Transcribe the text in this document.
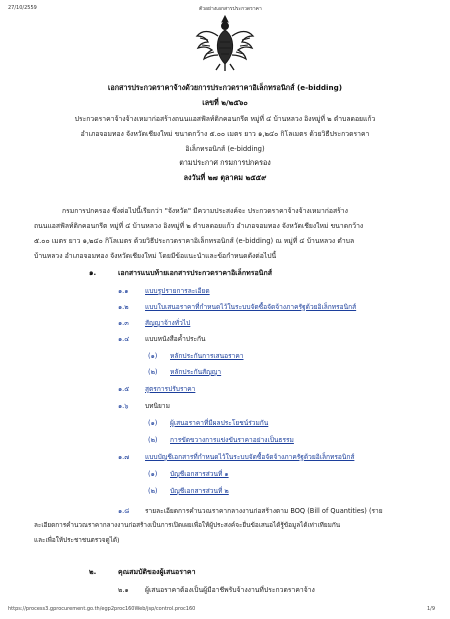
27/10/2559	ตัวอย่างเอกสารประกวดราคา
เอกสารประกวดราคาจ้างด้วยการประกวดราคาอิเล็กทรอนิกส์ (e-bidding)
เลขที่ ๒/๒๕๖๐
ประกวดราคาจ้างจ้างเหมาก่อสร้างถนนแอสฟัลท์ติกคอนกรีต หมู่ที่ ๔ บ้านหลวง อิงหมู่ที่ ๒ ตำบลดอยแก้ว
อำเภอจอมทอง จังหวัดเชียงใหม่ ขนาดกว้าง ๕.๐๐ เมตร ยาว ๑,๒๔๐ กิโลเมตร ด้วยวิธีประกวดราคา
อิเล็กทรอนิกส์ (e-bidding)
ตามประกาศ กรมการปกครอง
ลงวันที่ ๒๗ ตุลาคม ๒๕๕๙
กรมการปกครอง ซึ่งต่อไปนี้เรียกว่า "จังหวัด" มีความประสงค์จะ ประกวดราคาจ้างจ้างเหมาก่อสร้าง
ถนนแอสฟัลท์ติกคอนกรีต หมู่ที่ ๔ บ้านหลวง อิงหมู่ที่ ๒ ตำบลดอยแก้ว อำเภอจอมทอง จังหวัดเชียงใหม่ ขนาดกว้าง
๕.๐๐ เมตร ยาว ๑,๒๔๐ กิโลเมตร ด้วยวิธีประกวดราคาอิเล็กทรอนิกส์ (e-bidding) ณ หมู่ที่ ๔ บ้านหลวง ตำบล
บ้านหลวง อำเภอจอมทอง จังหวัดเชียงใหม่ โดยมีข้อแนะนำและข้อกำหนดดังต่อไปนี้
๑.	เอกสารแนบท้ายเอกสารประกวดราคาอิเล็กทรอนิกส์
๑.๑	แบบรูปรายการละเอียด
๑.๒ แบบใบเสนอราคาที่กำหนดไว้ในระบบจัดซื้อจัดจ้างภาครัฐด้วยอิเล็กทรอนิกส์
๑.๓ สัญญาจ้างทั่วไป
๑.๔ แบบหนังสือค้ำประกัน
(๑) หลักประกันการเสนอราคา
(๒) หลักประกันสัญญา
๑.๕ สูตรการปรับราคา
๑.๖	บทนิยาม
(๑) ผู้เสนอราคาที่มีผลประโยชน์ร่วมกัน
(๒) การขัดขวางการแข่งขันราคาอย่างเป็นธรรม
๑.๗ แบบบัญชีเอกสารที่กำหนดไว้ในระบบจัดซื้อจัดจ้างภาครัฐด้วยอิเล็กทรอนิกส์
(๑) บัญชีเอกสารส่วนที่ ๑
(๒) บัญชีเอกสารส่วนที่ ๒
๑.๘ รายละเอียดการคำนวณราคากลางงานก่อสร้างตาม BOQ (Bill of Quantities) (ราย
ละเอียดการคำนวณราคากลางงานก่อสร้างเป็นการเปิดเผยเพื่อให้ผู้ประสงค์จะยื่นข้อเสนอได้รู้ข้อมูลได้เท่าเทียมกัน
และเพื่อให้ประชาชนตรวจดูได้)
๒.	คุณสมบัติของผู้เสนอราคา
๒.๑ ผู้เสนอราคาต้องเป็นผู้มีอาชีพรับจ้างงานที่ประกวดราคาจ้าง
https://process3.gprocurement.go.th/egp2proc160Web/jsp/control.proc160	1/9
